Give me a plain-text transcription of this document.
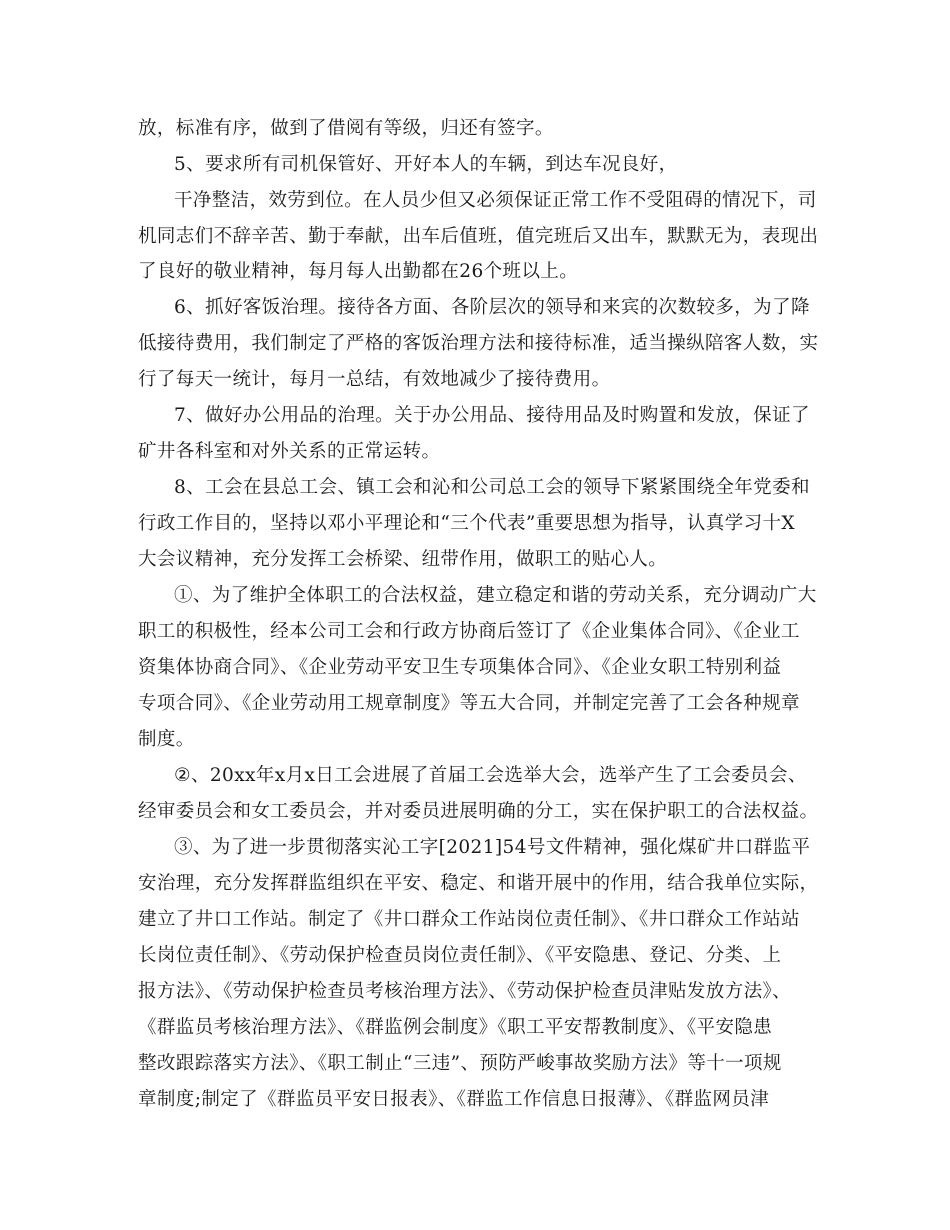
放，标准有序，做到了借阅有等级，归还有签字。
5、要求所有司机保管好、开好本人的车辆，到达车况良好，
干净整洁，效劳到位。在人员少但又必须保证正常工作不受阻碍的情况下，司
机同志们不辞辛苦、勤于奉献，出车后值班，值完班后又出车，默默无为，表现出
了良好的敬业精神，每月每人出勤都在26个班以上。
6、抓好客饭治理。接待各方面、各阶层次的领导和来宾的次数较多，为了降
低接待费用，我们制定了严格的客饭治理方法和接待标准，适当操纵陪客人数，实
行了每天一统计，每月一总结，有效地减少了接待费用。
7、做好办公用品的治理。关于办公用品、接待用品及时购置和发放，保证了
矿井各科室和对外关系的正常运转。
8、工会在县总工会、镇工会和沁和公司总工会的领导下紧紧围绕全年党委和
行政工作目的，坚持以邓小平理论和“三个代表”重要思想为指导，认真学习十X
大会议精神，充分发挥工会桥梁、纽带作用，做职工的贴心人。
①、为了维护全体职工的合法权益，建立稳定和谐的劳动关系，充分调动广大
职工的积极性，经本公司工会和行政方协商后签订了《企业集体合同》、《企业工
资集体协商合同》、《企业劳动平安卫生专项集体合同》、《企业女职工特别利益
专项合同》、《企业劳动用工规章制度》等五大合同，并制定完善了工会各种规章
制度。
②、20xx年x月x日工会进展了首届工会选举大会，选举产生了工会委员会、
经审委员会和女工委员会，并对委员进展明确的分工，实在保护职工的合法权益。
③、为了进一步贯彻落实沁工字[2021]54号文件精神，强化煤矿井口群监平
安治理，充分发挥群监组织在平安、稳定、和谐开展中的作用，结合我单位实际，
建立了井口工作站。制定了《井口群众工作站岗位责任制》、《井口群众工作站站
长岗位责任制》、《劳动保护检查员岗位责任制》、《平安隐患、登记、分类、上
报方法》、《劳动保护检查员考核治理方法》、《劳动保护检查员津贴发放方法》、
《群监员考核治理方法》、《群监例会制度》《职工平安帮教制度》、《平安隐患
整改跟踪落实方法》、《职工制止“三违”、预防严峻事故奖励方法》等十一项规
章制度;制定了《群监员平安日报表》、《群监工作信息日报薄》、《群监网员津
